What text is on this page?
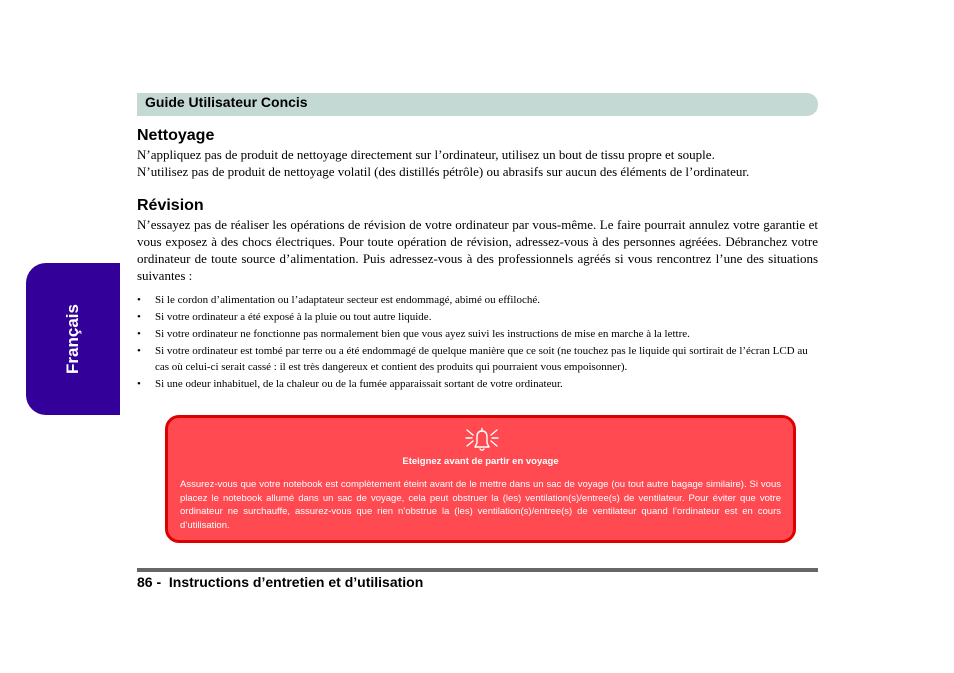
Guide Utilisateur Concis
Français
Nettoyage

N’appliquez pas de produit de nettoyage directement sur l’ordinateur, utilisez un bout de tissu propre et souple.

N’utilisez pas de produit de nettoyage volatil (des distillés pétrôle) ou abrasifs sur aucun des éléments de l’ordinateur.

Révision

N’essayez pas de réaliser les opérations de révision de votre ordinateur par vous-même. Le faire pourrait annulez votre garantie et vous exposez à des chocs électriques. Pour toute opération de révision, adressez-vous à des personnes agréées. Débranchez votre ordinateur de toute source d’alimentation. Puis adressez-vous à des professionnels agréés si vous rencontrez l’une des situations suivantes :

• Si le cordon d’alimentation ou l’adaptateur secteur est endommagé, abimé ou effiloché.
• Si votre ordinateur a été exposé à la pluie ou tout autre liquide.
• Si votre ordinateur ne fonctionne pas normalement bien que vous ayez suivi les instructions de mise en marche à la lettre.
• Si votre ordinateur est tombé par terre ou a été endommagé de quelque manière que ce soit (ne touchez pas le liquide qui sortirait de l’écran LCD au cas où celui-ci serait cassé : il est très dangereux et contient des produits qui pourraient vous empoisonner).
• Si une odeur inhabituel, de la chaleur ou de la fumée apparaissait sortant de votre ordinateur.
Eteignez avant de partir en voyage
Assurez-vous que votre notebook est complètement éteint avant de le mettre dans un sac de voyage (ou tout autre bagage similaire). Si vous placez le notebook allumé dans un sac de voyage, cela peut obstruer la (les) ventilation(s)/entree(s) de ventilateur. Pour éviter que votre ordinateur ne surchauffe, assurez-vous que rien n’obstrue la (les) ventilation(s)/entree(s) de ventilateur quand l’ordinateur est en cours d’utilisation.
86 -  Instructions d’entretien et d’utilisation
